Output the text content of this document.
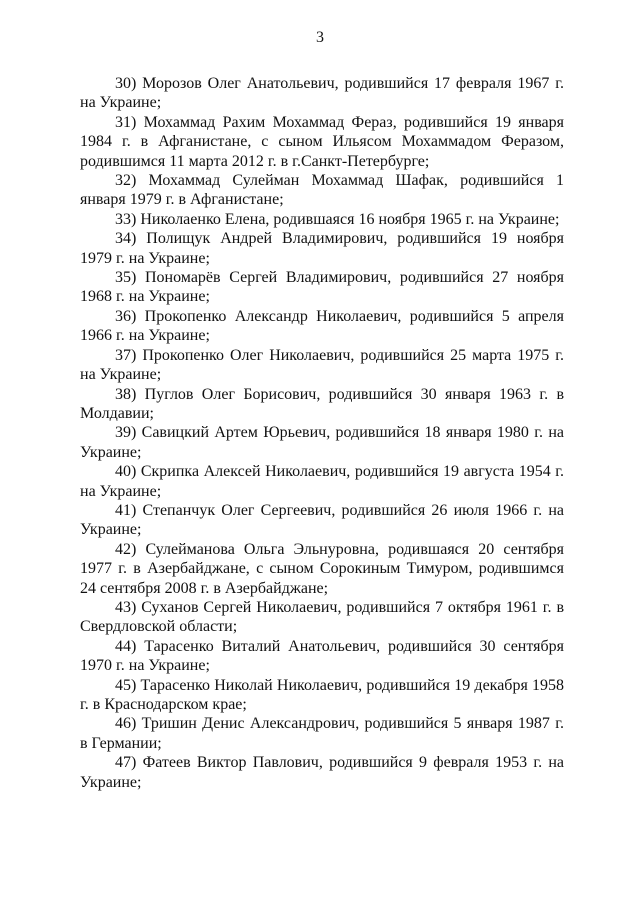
3

30) Морозов Олег Анатольевич, родившийся 17 февраля 1967 г. на Украине;

31) Мохаммад Рахим Мохаммад Фераз, родившийся 19 января 1984 г. в Афганистане, с сыном Ильясом Мохаммадом Феразом, родившимся 11 марта 2012 г. в г.Санкт-Петербурге;

32) Мохаммад Сулейман Мохаммад Шафак, родившийся 1 января 1979 г. в Афганистане;

33) Николаенко Елена, родившаяся 16 ноября 1965 г. на Украине;

34) Полищук Андрей Владимирович, родившийся 19 ноября 1979 г. на Украине;

35) Пономарёв Сергей Владимирович, родившийся 27 ноября 1968 г. на Украине;

36) Прокопенко Александр Николаевич, родившийся 5 апреля 1966 г. на Украине;

37) Прокопенко Олег Николаевич, родившийся 25 марта 1975 г. на Украине;

38) Пуглов Олег Борисович, родившийся 30 января 1963 г. в Молдавии;

39) Савицкий Артем Юрьевич, родившийся 18 января 1980 г. на Украине;

40) Скрипка Алексей Николаевич, родившийся 19 августа 1954 г. на Украине;

41) Степанчук Олег Сергеевич, родившийся 26 июля 1966 г. на Украине;

42) Сулейманова Ольга Эльнуровна, родившаяся 20 сентября 1977 г. в Азербайджане, с сыном Сорокиным Тимуром, родившимся 24 сентября 2008 г. в Азербайджане;

43) Суханов Сергей Николаевич, родившийся 7 октября 1961 г. в Свердловской области;

44) Тарасенко Виталий Анатольевич, родившийся 30 сентября 1970 г. на Украине;

45) Тарасенко Николай Николаевич, родившийся 19 декабря 1958 г. в Краснодарском крае;

46) Тришин Денис Александрович, родившийся 5 января 1987 г. в Германии;

47) Фатеев Виктор Павлович, родившийся 9 февраля 1953 г. на Украине;
